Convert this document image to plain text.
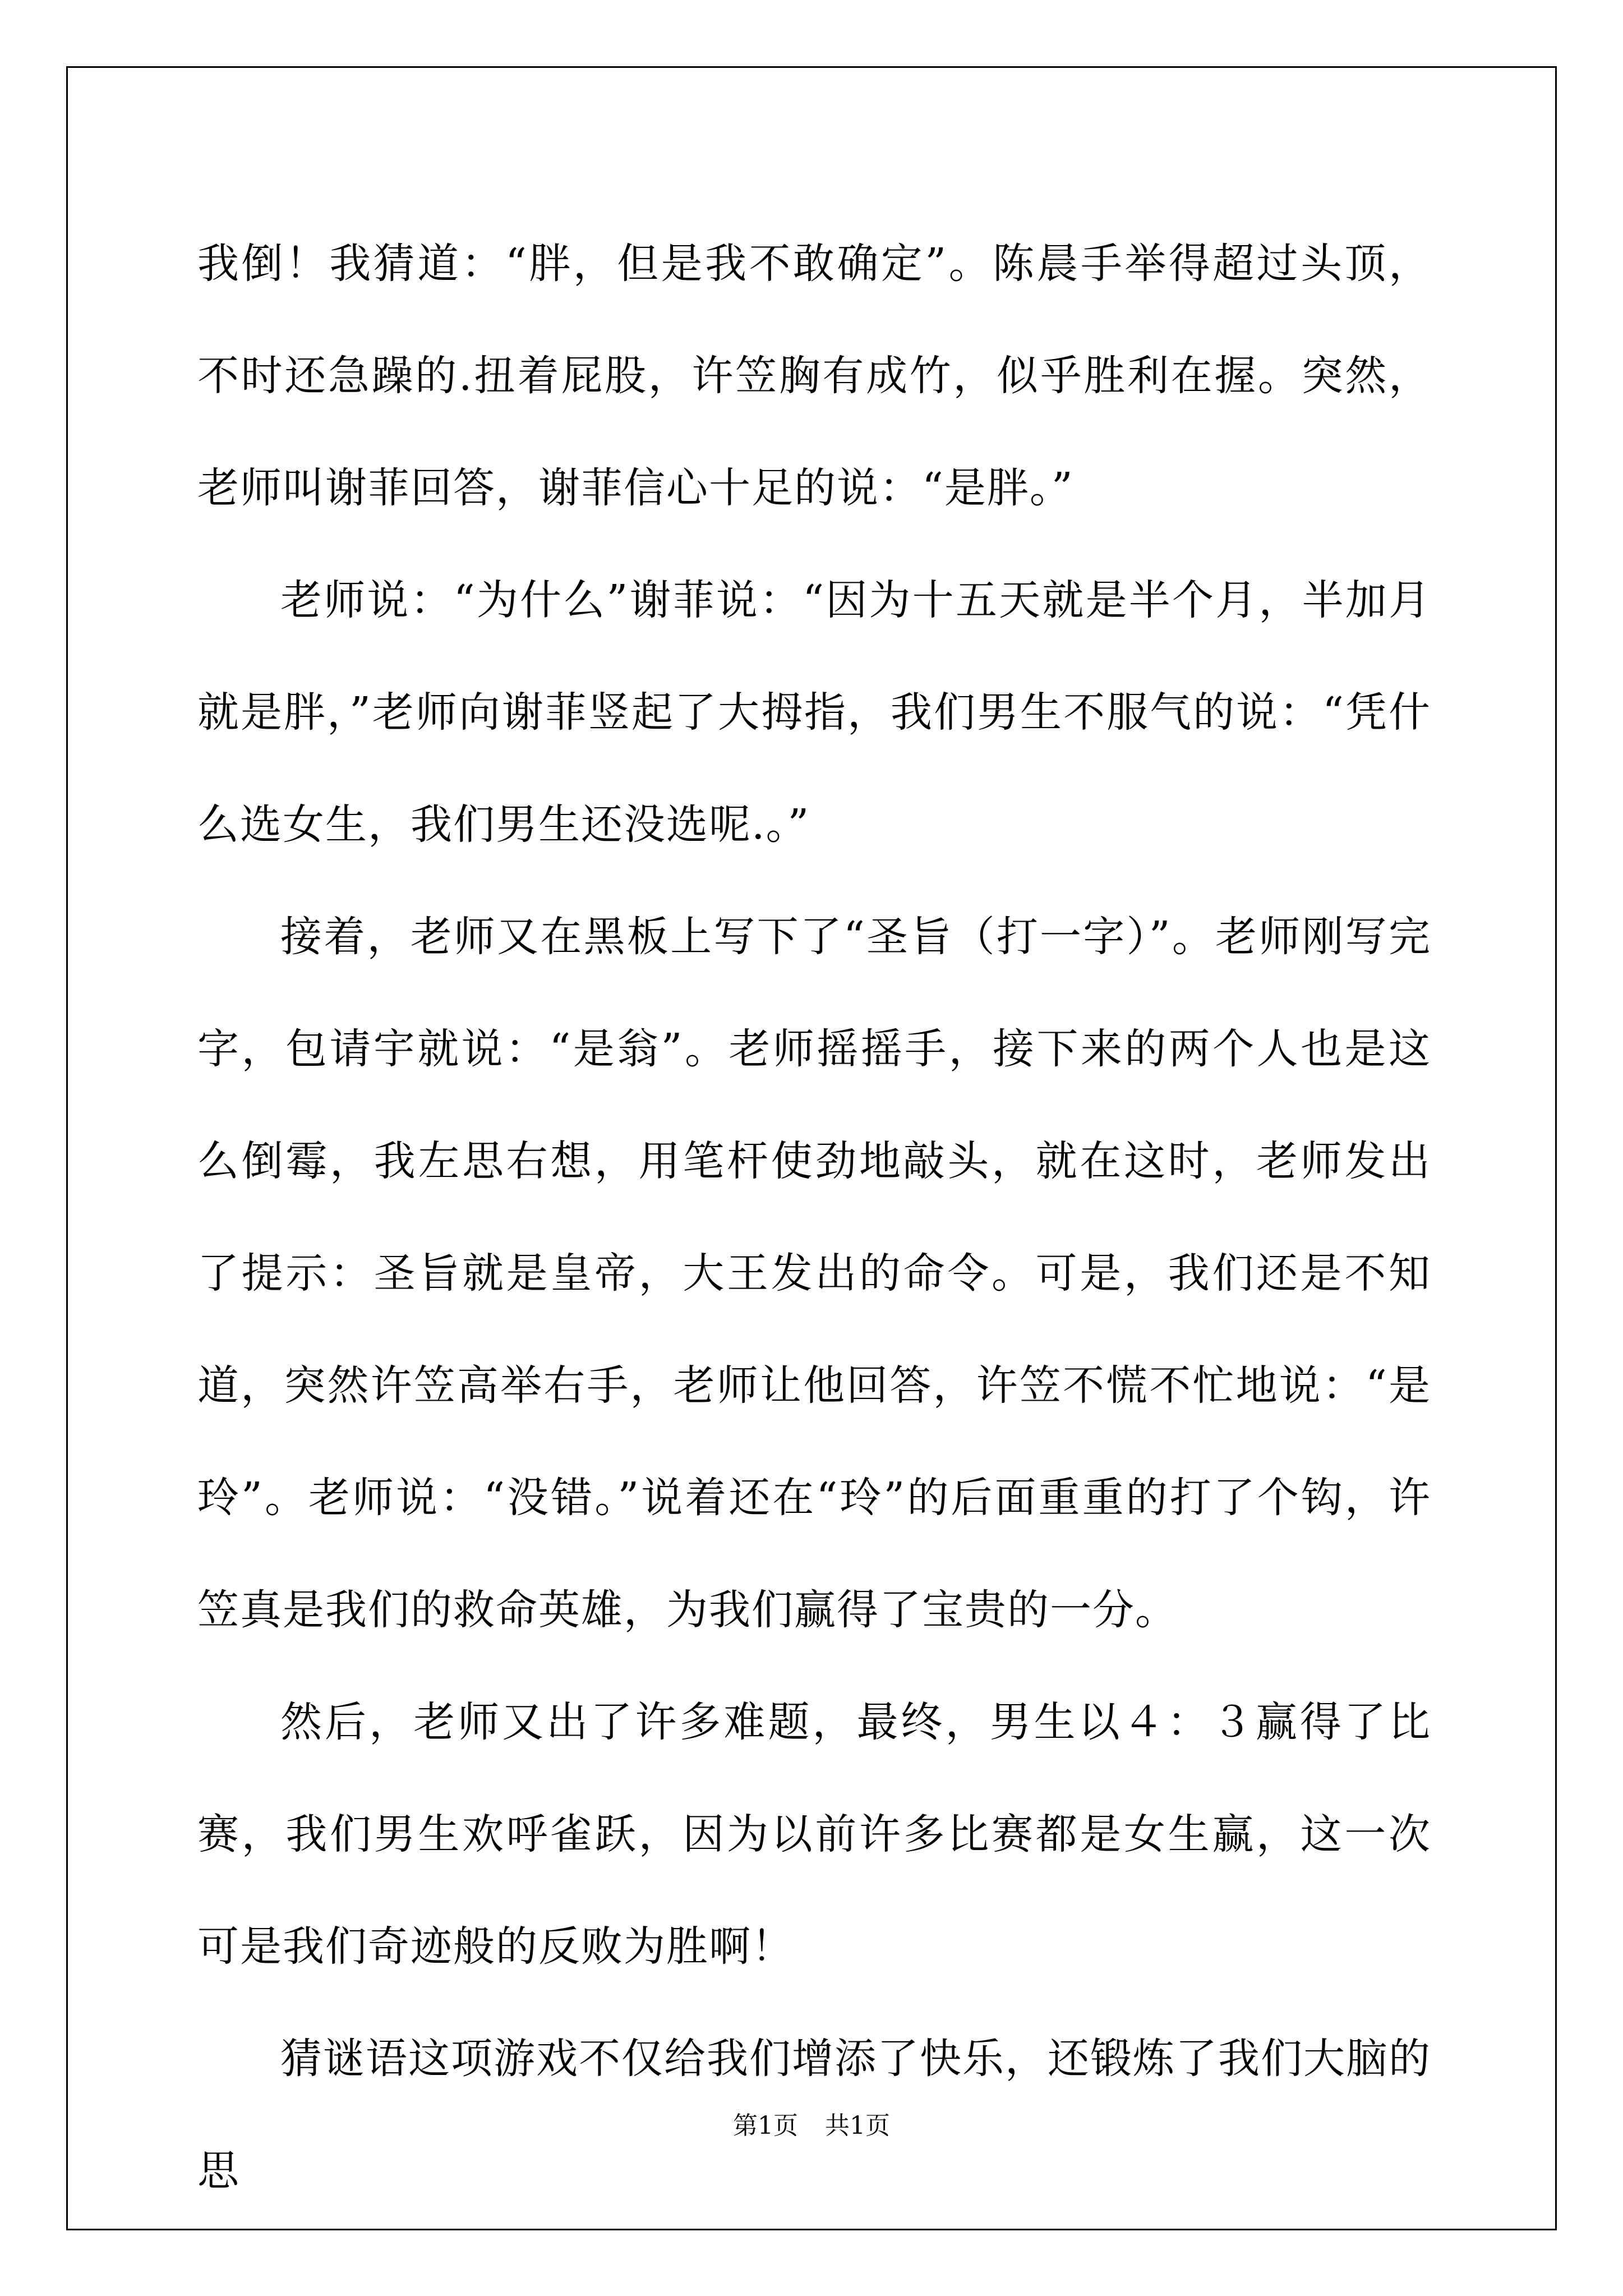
我倒！我猜道：“胖，但是我不敢确定”。陈晨手举得超过头顶，不时还急躁的.扭着屁股，许笠胸有成竹，似乎胜利在握。突然，老师叫谢菲回答，谢菲信心十足的说：“是胖。”

老师说：“为什么”谢菲说：“因为十五天就是半个月，半加月就是胖，”老师向谢菲竖起了大拇指，我们男生不服气的说：“凭什么选女生，我们男生还没选呢.。”

接着，老师又在黑板上写下了“圣旨（打一字）”。老师刚写完字，包请宇就说：“是翁”。老师摇摇手，接下来的两个人也是这么倒霉，我左思右想，用笔杆使劲地敲头，就在这时，老师发出了提示：圣旨就是皇帝，大王发出的命令。可是，我们还是不知道，突然许笠高举右手，老师让他回答，许笠不慌不忙地说：“是玲”。老师说：“没错。”说着还在“玲”的后面重重的打了个钩，许笠真是我们的救命英雄，为我们赢得了宝贵的一分。

然后，老师又出了许多难题，最终，男生以４：３赢得了比赛，我们男生欢呼雀跃，因为以前许多比赛都是女生赢，这一次可是我们奇迹般的反败为胜啊！

猜谜语这项游戏不仅给我们增添了快乐，还锻炼了我们大脑的思

第1页 共1页
